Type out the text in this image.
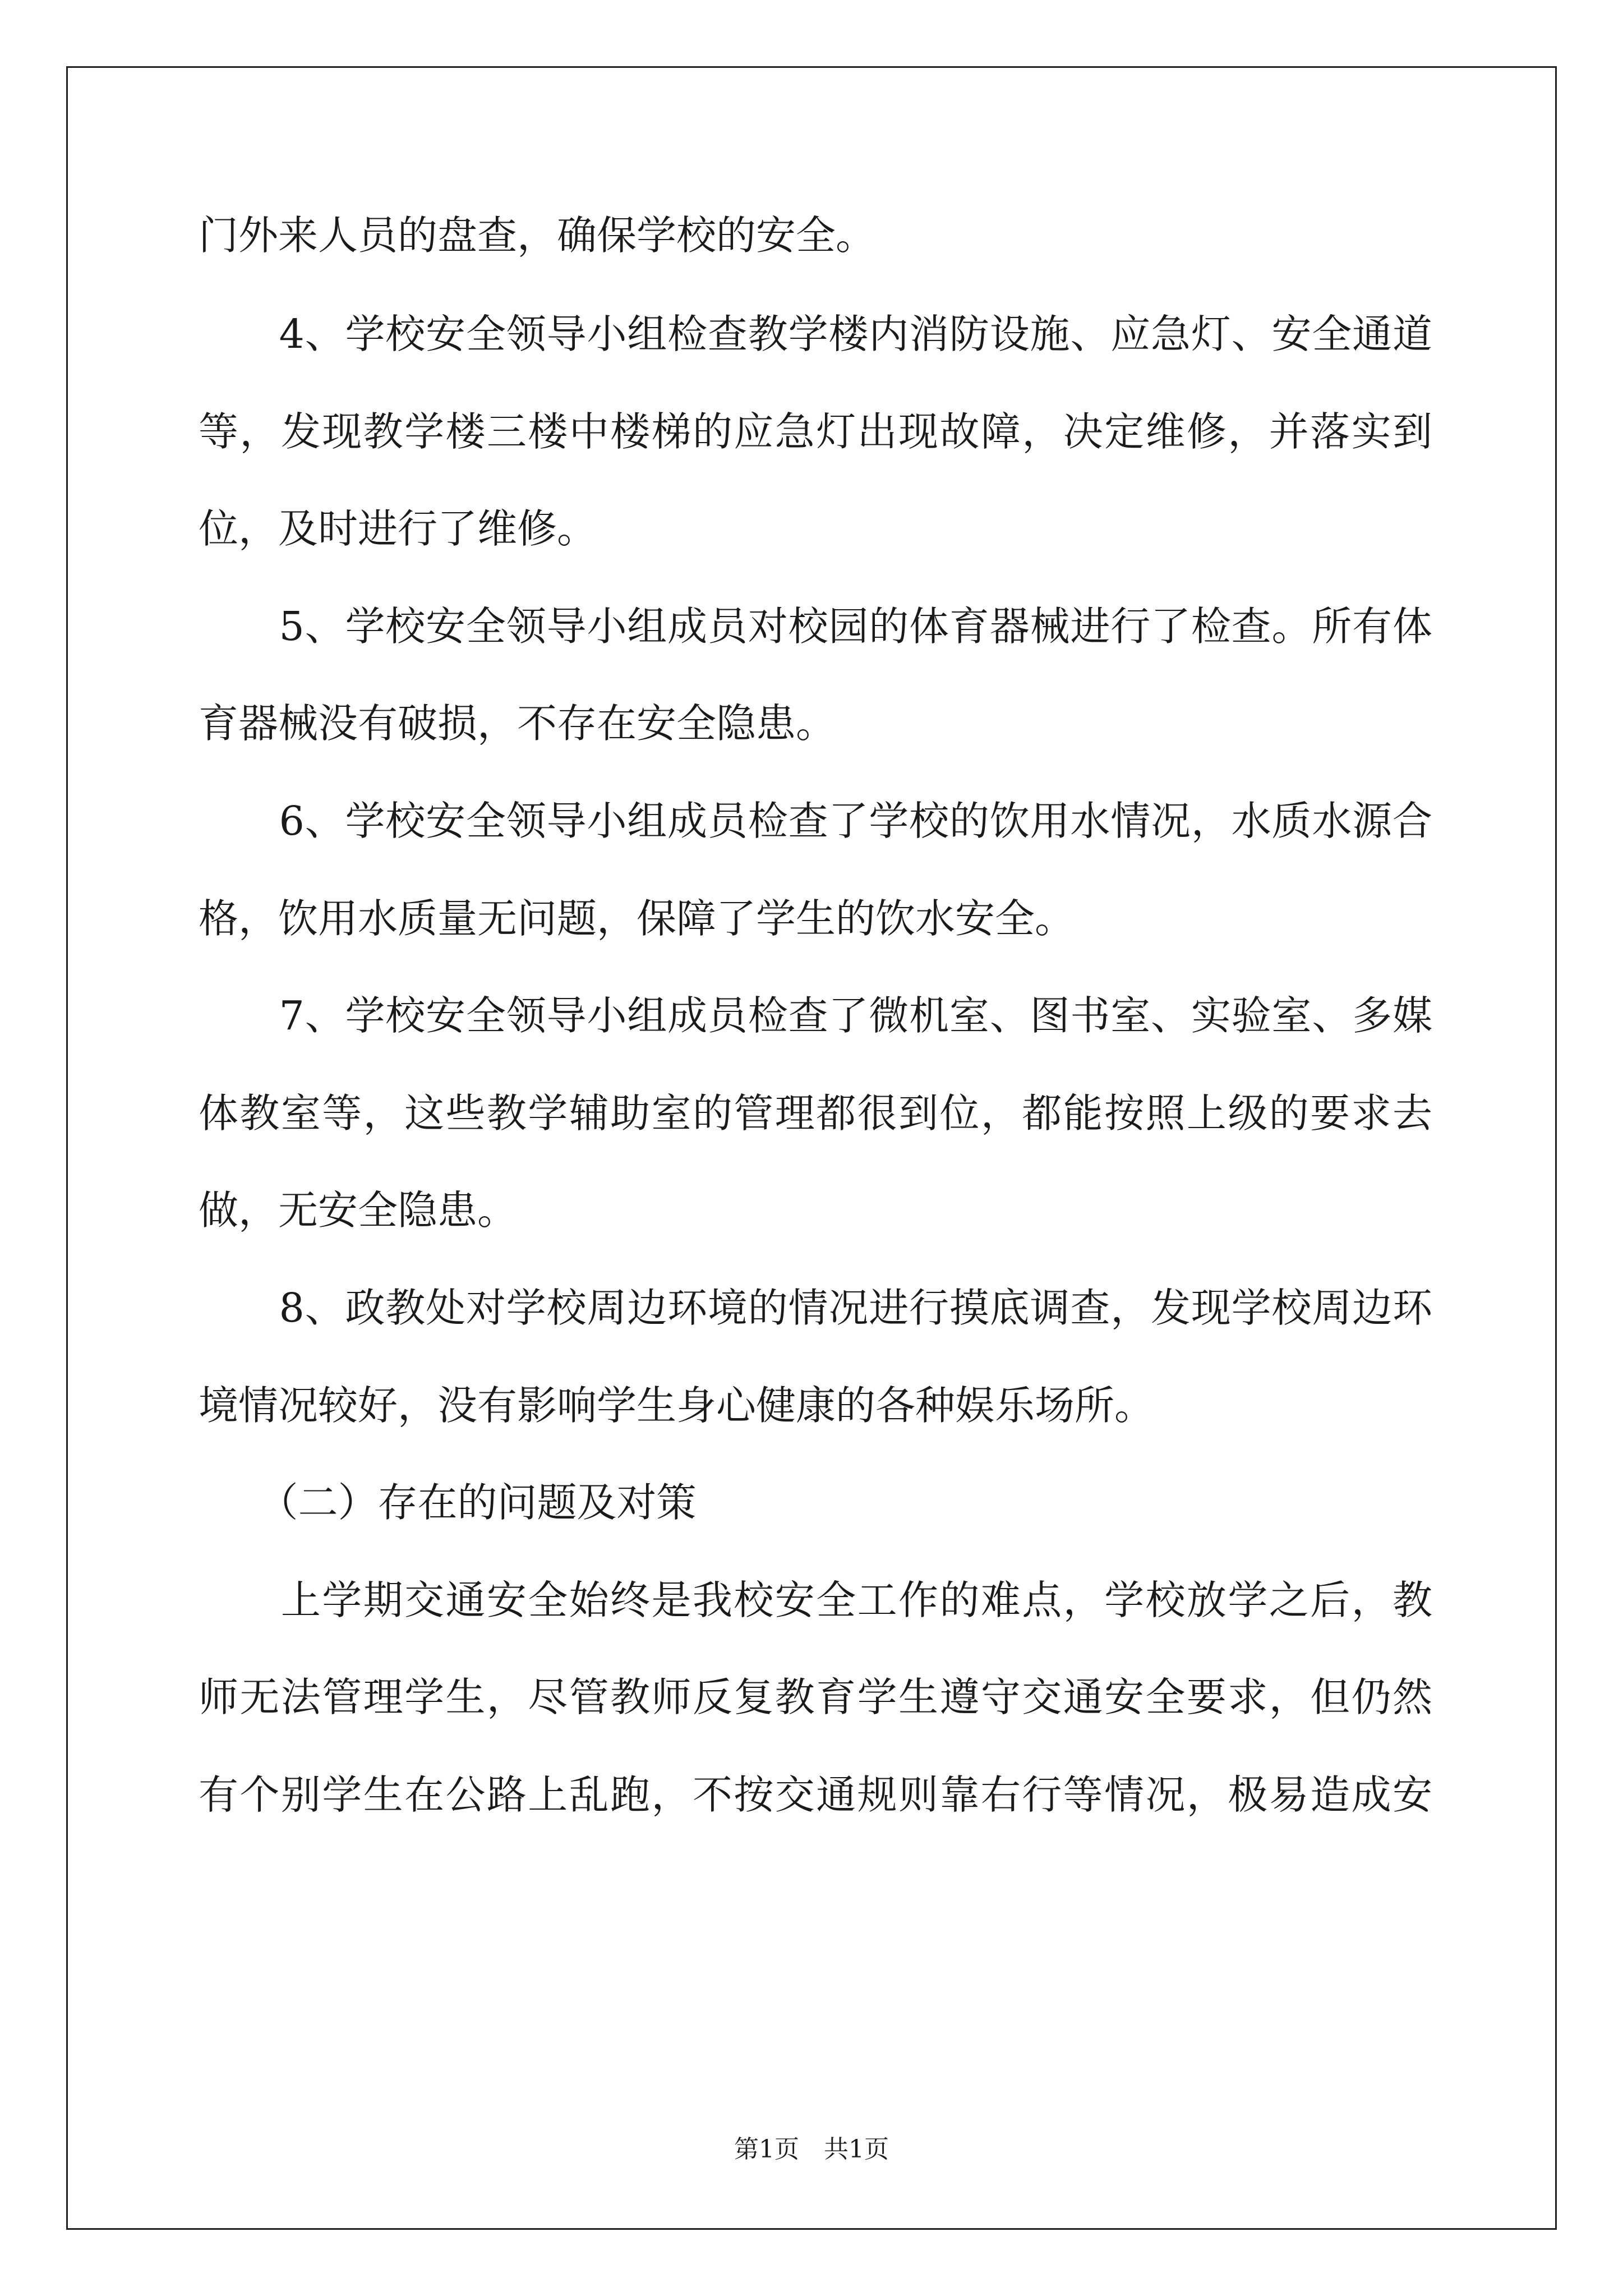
门外来人员的盘查，确保学校的安全。
　　4、学校安全领导小组检查教学楼内消防设施、应急灯、安全通道
等，发现教学楼三楼中楼梯的应急灯出现故障，决定维修，并落实到
位，及时进行了维修。
　　5、学校安全领导小组成员对校园的体育器械进行了检查。所有体
育器械没有破损，不存在安全隐患。
　　6、学校安全领导小组成员检查了学校的饮用水情况，水质水源合
格，饮用水质量无问题，保障了学生的饮水安全。
　　7、学校安全领导小组成员检查了微机室、图书室、实验室、多媒
体教室等，这些教学辅助室的管理都很到位，都能按照上级的要求去
做，无安全隐患。
　　8、政教处对学校周边环境的情况进行摸底调查，发现学校周边环
境情况较好，没有影响学生身心健康的各种娱乐场所。
　　（二）存在的问题及对策
　　上学期交通安全始终是我校安全工作的难点，学校放学之后，教
师无法管理学生，尽管教师反复教育学生遵守交通安全要求，但仍然
有个别学生在公路上乱跑，不按交通规则靠右行等情况，极易造成安
第1页　共1页
